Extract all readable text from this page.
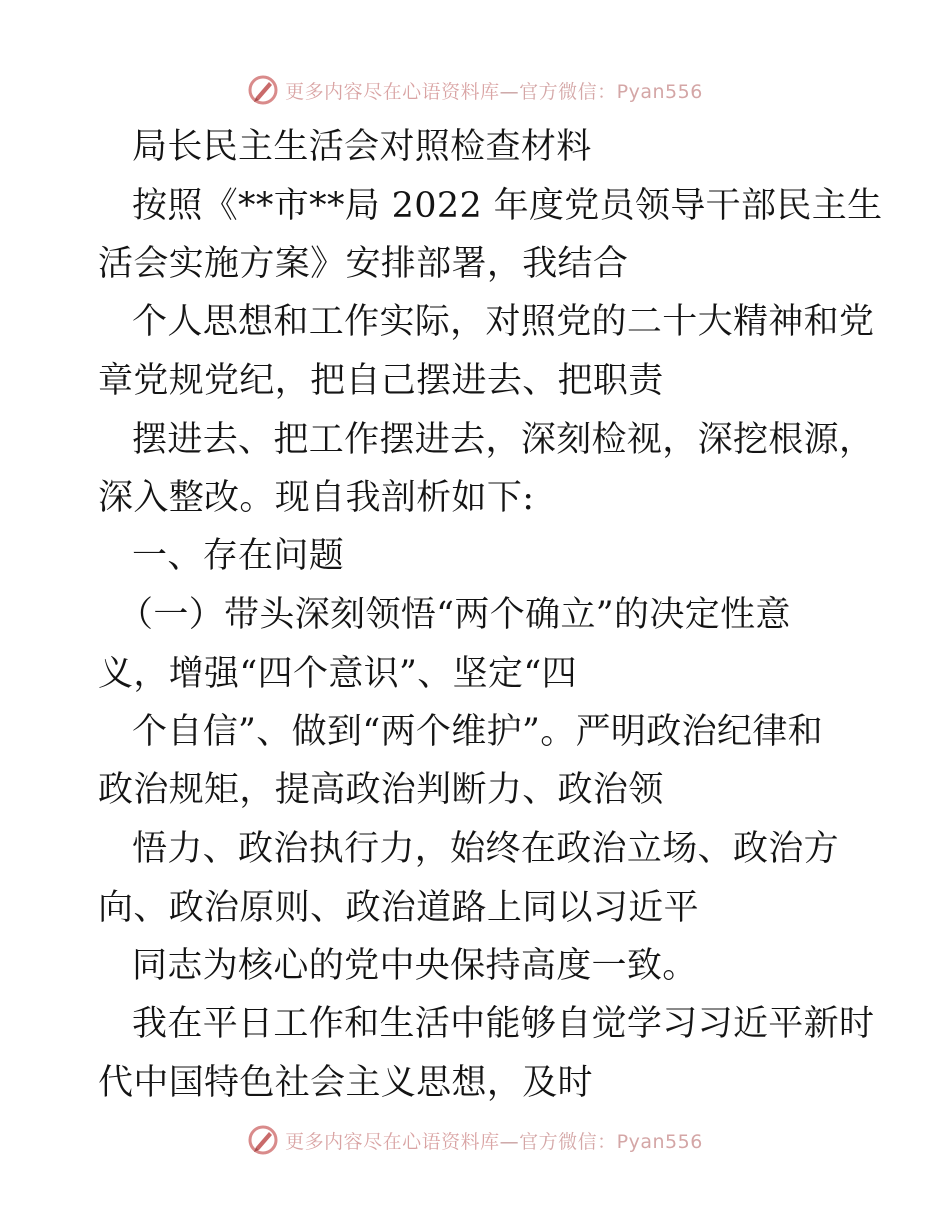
更多内容尽在心语资料库—官方微信：Pyan556
局长民主生活会对照检查材料
按照《**市**局 2022 年度党员领导干部民主生
活会实施方案》安排部署，我结合
个人思想和工作实际，对照党的二十大精神和党
章党规党纪，把自己摆进去、把职责
摆进去、把工作摆进去，深刻检视，深挖根源，
深入整改。现自我剖析如下:
一、存在问题
（一）带头深刻领悟“两个确立”的决定性意
义，增强“四个意识”、坚定“四
个自信”、做到“两个维护”。严明政治纪律和
政治规矩，提高政治判断力、政治领
悟力、政治执行力，始终在政治立场、政治方
向、政治原则、政治道路上同以习近平
同志为核心的党中央保持高度一致。
我在平日工作和生活中能够自觉学习习近平新时
代中国特色社会主义思想，及时
更多内容尽在心语资料库—官方微信：Pyan556
